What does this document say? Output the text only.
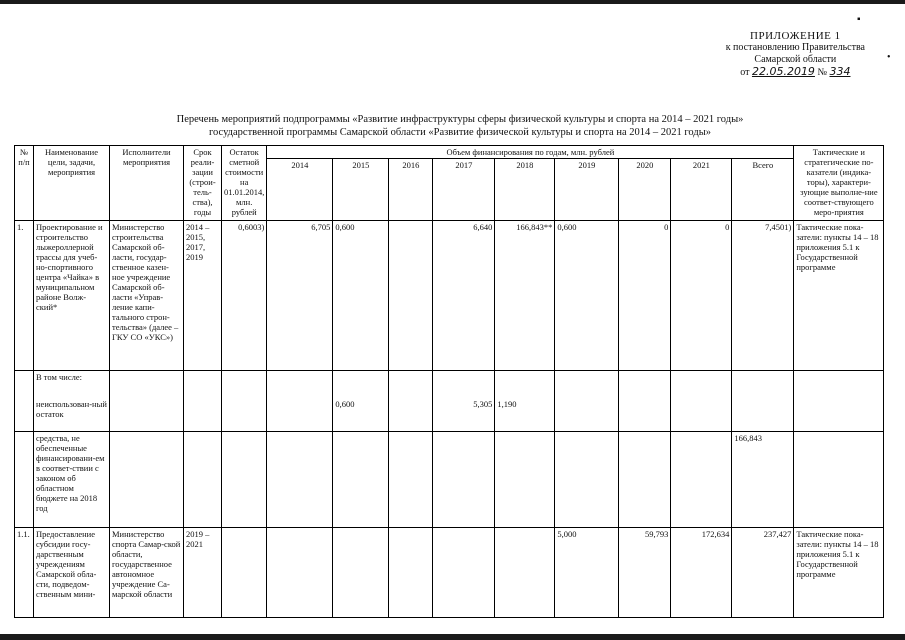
▪
•
ПРИЛОЖЕНИЕ 1
к постановлению Правительства
Самарской области
от 22.05.2019 № 334
Перечень мероприятий подпрограммы «Развитие инфраструктуры сферы физической культуры и спорта на 2014 – 2021 годы»
государственной программы Самарской области «Развитие физической культуры и спорта на 2014 – 2021 годы»
№ п/п	Наименование цели, задачи, мероприятия	Исполнители мероприятия	Срок реали-зации (строи-тель-ства), годы	Остаток сметной стоимости на 01.01.2014, млн. рублей	Объем финансирования по годам, млн. рублей									Тактические и стратегические по-казатели (индика-торы), характери-зующие выполне-ние соответ-ствующего меро-приятия
					2014	2015	2016	2017	2018	2019	2020	2021	Всего	
1.	Проектирование и строительство лыжероллерной трассы для учеб-но-спортивного центра «Чайка» в муниципальном районе Волж-ский*	Министерство строительства Самарской об-ласти, государ-ственное казен-ное учреждение Самарской об-ласти «Управ-ление капи-тального строн-тельства» (далее – ГКУ СО «УКС»)	2014 – 2015, 2017, 2019	0,6003)	6,705	0,600		6,640	166,843**	0,600	0	0	7,4501)	Тактические пока-затели: пункты 14 – 18 приложения 5.1 к Государственной программе
	В том числе:													
	неиспользован-ный остаток					0,600		5,305	1,190					
	средства, не обеспеченные финансировани-ем в соответ-ствии с законом об областном бюджете на 2018 год												166,843	
1.1.	Предоставление субсидии госу-дарственным учреждениям Самарской обла-сти, подведом-ственным мини-	Министерство спорта Самар-ской области, государственное автономное учреждение Са-марской области	2019 – 2021							5,000	59,793	172,634	237,427	Тактические пока-затели: пункты 14 – 18 приложения 5.1 к Государственной программе
